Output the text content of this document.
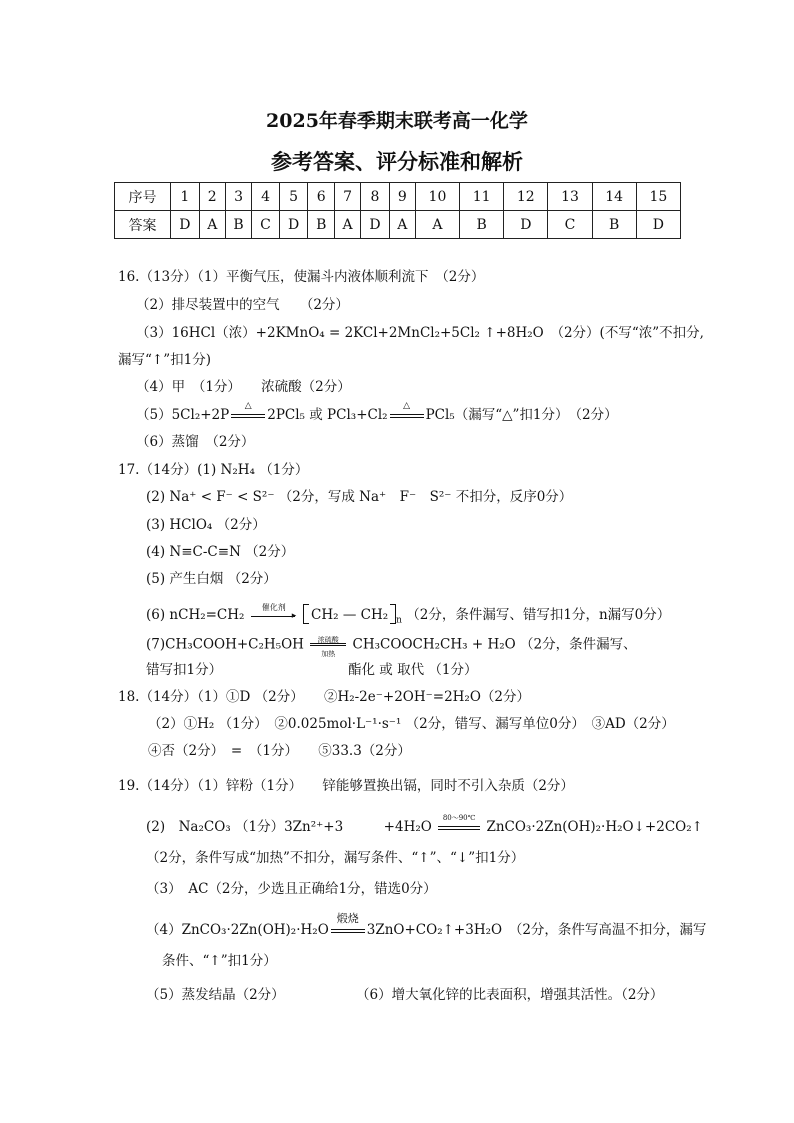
2025年春季期末联考高一化学
参考答案、评分标准和解析
序号	1	2	3	4	5	6	7	8	9	10	11	12	13	14	15
答案	D	A	B	C	D	B	A	D	A	A	B	D	C	B	D
16.（13分）（1）平衡气压，使漏斗内液体顺利流下　（2分）
（2）排尽装置中的空气　　（2分）
（3）16HCl（浓）+2KMnO₄ = 2KCl+2MnCl₂+5Cl₂ ↑+8H₂O　（2分）(不写“浓”不扣分,
漏写“↑”扣1分)
（4）甲　（1分）　　浓硫酸（2分）
（5）5Cl₂+2P
△
2PCl₅ 或 PCl₃+Cl₂
△
PCl₅（漏写“△”扣1分）　（2分）
（6）蒸馏　（2分）
17.（14分）(1) N₂H₄ （1分）
(2) Na⁺ < F⁻ < S²⁻ （2分，写成 Na⁺　F⁻　S²⁻ 不扣分，反序0分）
(3) HClO₄ （2分）
(4) N≡C-C≡N （2分）
(5) 产生白烟 （2分）
(6) nCH₂=CH₂	催化剂
▸
CH₂ — CH₂ $_n$ （2分，条件漏写、错写扣1分，n漏写0分）
(7)CH₃COOH+C₂H₅OH	浓硫酸
加热
CH₃COOCH₂CH₃ + H₂O （2分，条件漏写、
错写扣1分）	酯化 或 取代 （1分）
18.（14分）（1）①D （2分）　　②H₂-2e⁻+2OH⁻=2H₂O（2分）
（2）①H₂ （1分）　②0.025mol·L⁻¹·s⁻¹ （2分，错写、漏写单位0分）　③AD（2分）
④否（2分）　=　（1分）　　⑤33.3（2分）
19.（14分）（1）锌粉（1分）　　锌能够置换出镉，同时不引入杂质（2分）
(2)　Na₂CO₃ （1分）3Zn²⁺+3　　　+4H₂O
80～90℃
ZnCO₃·2Zn(OH)₂·H₂O↓+2CO₂↑
（2分，条件写成“加热”不扣分，漏写条件、“↑”、“↓”扣1分）
（3）　AC（2分，少选且正确给1分，错选0分）
（4）ZnCO₃·2Zn(OH)₂·H₂O
煅烧
3ZnO+CO₂↑+3H₂O　（2分，条件写高温不扣分，漏写
条件、“↑”扣1分）
（5）蒸发结晶（2分）	（6）增大氧化锌的比表面积，增强其活性。（2分）
